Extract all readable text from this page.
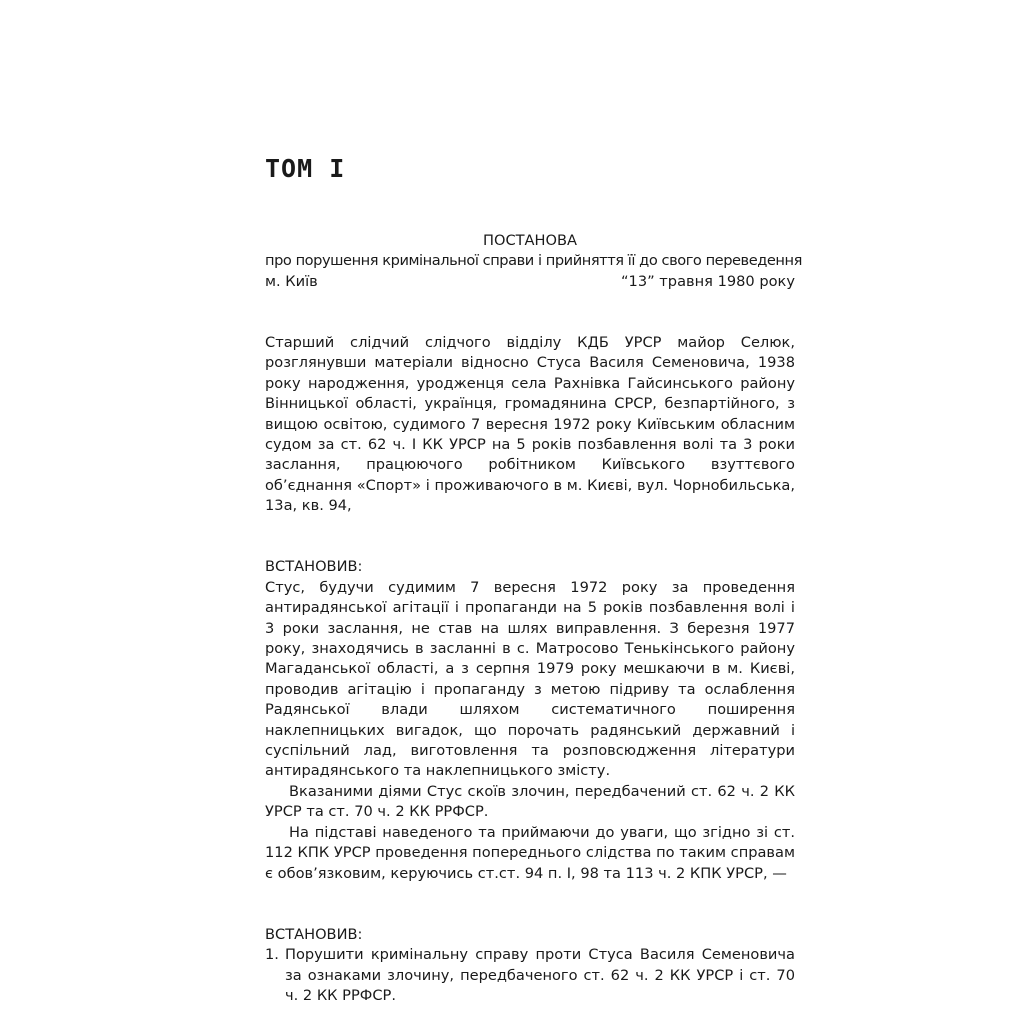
ТОМ I

ПОСТАНОВА

про порушення кримінальної справи і прийняття її до свого переведення

м. Київ	“13” травня 1980 року

Старший слідчий слідчого відділу КДБ УРСР майор Селюк, розглянувши матеріали відносно Стуса Василя Семеновича, 1938 року народження, уродженця села Рахнівка Гайсинського району Вінницької області, українця, громадянина СРСР, безпартійного, з вищою освітою, судимого 7 вересня 1972 року Київським обласним судом за ст. 62 ч. І КК УРСР на 5 років позбавлення волі та 3 роки заслання, працюючого робітником Київського взуттєвого об’єднання «Спорт» і проживаючого в м. Києві, вул. Чорнобильська, 13а, кв. 94,

ВСТАНОВИВ:

Стус, будучи судимим 7 вересня 1972 року за проведення антирадянської агітації і пропаганди на 5 років позбавлення волі і 3 роки заслання, не став на шлях виправлення. З березня 1977 року, знаходячись в засланні в с. Матросово Тенькінського району Магаданської області, а з серпня 1979 року мешкаючи в м. Києві, проводив агітацію і пропаганду з метою підриву та ослаблення Радянської влади шляхом систематичного поширення наклепницьких вигадок, що порочать радянський державний і суспільний лад, виготовлення та розповсюдження літератури антирадянського та наклепницького змісту.

Вказаними діями Стус скоїв злочин, передбачений ст. 62 ч. 2 КК УРСР та ст. 70 ч. 2 КК РРФСР.

На підставі наведеного та приймаючи до уваги, що згідно зі ст. 112 КПК УРСР проведення попереднього слідства по таким справам є обов’язковим, керуючись ст.ст. 94 п. І, 98 та 113 ч. 2 КПК УРСР, —

ВСТАНОВИВ:

1. Порушити кримінальну справу проти Стуса Василя Семеновича за ознаками злочину, передбаченого ст. 62 ч. 2 КК УРСР і ст. 70 ч. 2 КК РРФСР.
